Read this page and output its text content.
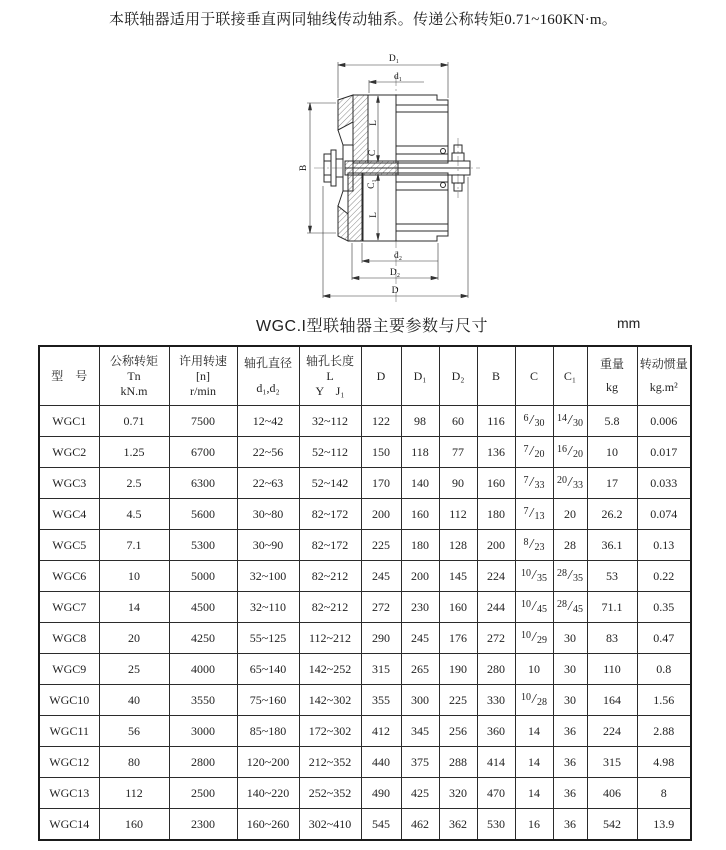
本联轴器适用于联接垂直两同轴线传动轴系。传递公称转矩0.71~160KN·m。
D₁
d₁
B
L
C
C₁
L
d₂
D₂
D
WGC.I型联轴器主要参数与尺寸	mm
型　号	公称转矩
Tn
kN.m	许用转速
[n]
r/min	轴孔直径
d₁,d₂	轴孔长度
L
Y　J₁	D	D₁	D₂	B	C	C₁	重量
kg	转动惯量
kg.m²

WGC1	0.71	7500	12~42	32~112	122	98	60	116	$^6$/30	$^{14}$/30	5.8	0.006
WGC2	1.25	6700	22~56	52~112	150	118	77	136	$^7$/20	$^{16}$/20	10	0.017
WGC3	2.5	6300	22~63	52~142	170	140	90	160	$^7$/33	$^{20}$/33	17	0.033
WGC4	4.5	5600	30~80	82~172	200	160	112	180	$^7$/13	20	26.2	0.074
WGC5	7.1	5300	30~90	82~172	225	180	128	200	$^8$/23	28	36.1	0.13
WGC6	10	5000	32~100	82~212	245	200	145	224	$^{10}$/35	$^{28}$/35	53	0.22
WGC7	14	4500	32~110	82~212	272	230	160	244	$^{10}$/45	$^{28}$/45	71.1	0.35
WGC8	20	4250	55~125	112~212	290	245	176	272	$^{10}$/29	30	83	0.47
WGC9	25	4000	65~140	142~252	315	265	190	280	10	30	110	0.8
WGC10	40	3550	75~160	142~302	355	300	225	330	$^{10}$/28	30	164	1.56
WGC11	56	3000	85~180	172~302	412	345	256	360	14	36	224	2.88
WGC12	80	2800	120~200	212~352	440	375	288	414	14	36	315	4.98
WGC13	112	2500	140~220	252~352	490	425	320	470	14	36	406	8
WGC14	160	2300	160~260	302~410	545	462	362	530	16	36	542	13.9
